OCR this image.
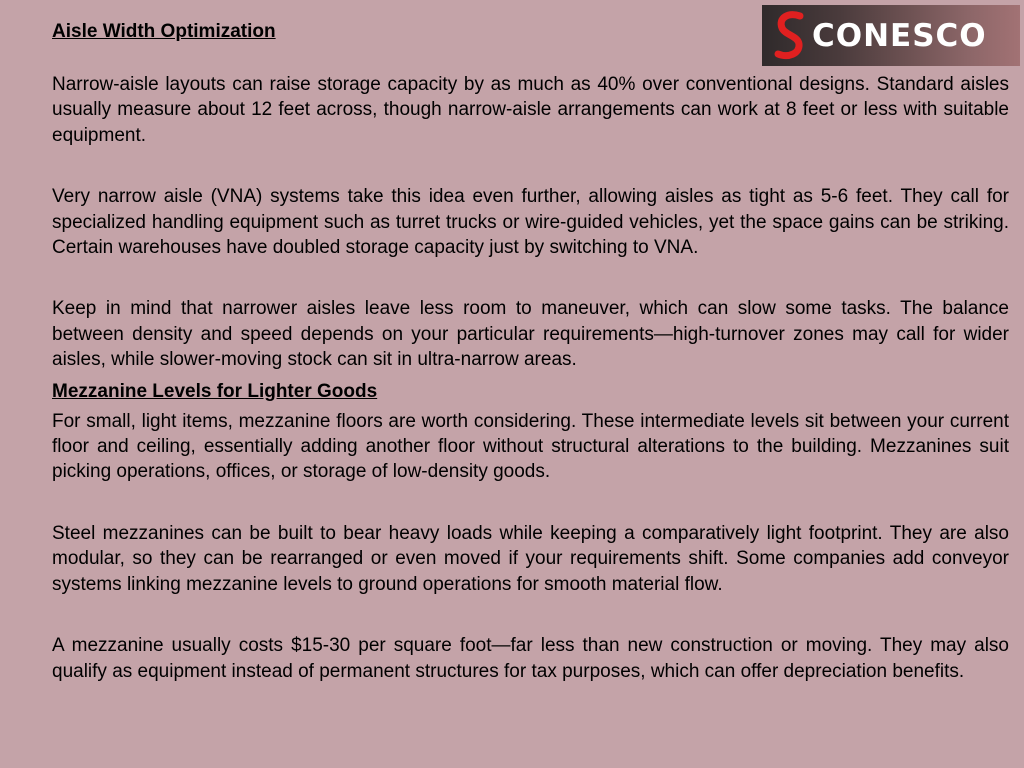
CONESCO
Aisle Width Optimization

Narrow-aisle layouts can raise storage capacity by as much as 40% over conventional designs. Standard aisles usually measure about 12 feet across, though narrow-aisle arrangements can work at 8 feet or less with suitable equipment.

Very narrow aisle (VNA) systems take this idea even further, allowing aisles as tight as 5-6 feet. They call for specialized handling equipment such as turret trucks or wire-guided vehicles, yet the space gains can be striking. Certain warehouses have doubled storage capacity just by switching to VNA.

Keep in mind that narrower aisles leave less room to maneuver, which can slow some tasks. The balance between density and speed depends on your particular requirements—high-turnover zones may call for wider aisles, while slower-moving stock can sit in ultra-narrow areas.

Mezzanine Levels for Lighter Goods

For small, light items, mezzanine floors are worth considering. These intermediate levels sit between your current floor and ceiling, essentially adding another floor without structural alterations to the building. Mezzanines suit picking operations, offices, or storage of low-density goods.

Steel mezzanines can be built to bear heavy loads while keeping a comparatively light footprint. They are also modular, so they can be rearranged or even moved if your requirements shift. Some companies add conveyor systems linking mezzanine levels to ground operations for smooth material flow.

A mezzanine usually costs $15-30 per square foot—far less than new construction or moving. They may also qualify as equipment instead of permanent structures for tax purposes, which can offer depreciation benefits.
